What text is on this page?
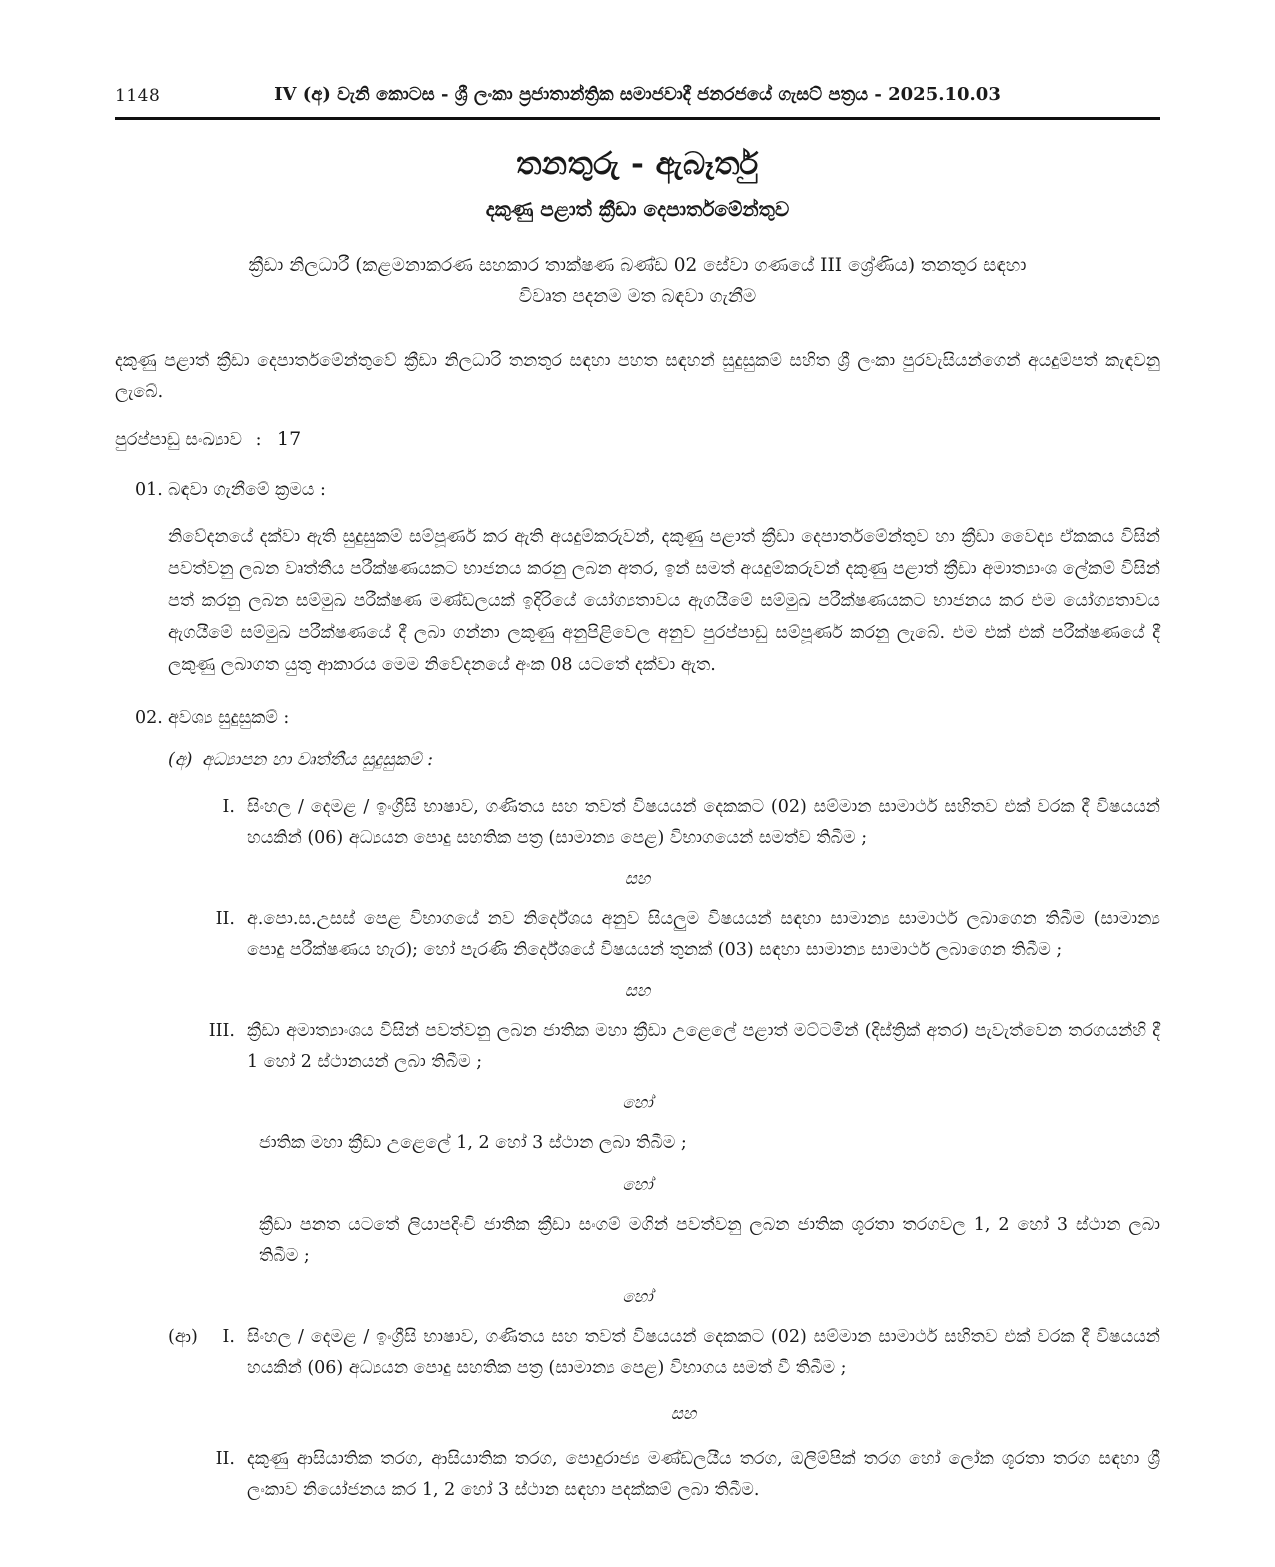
1148	IV (අ) වැනි කොටස - ශ්‍රී ලංකා ප්‍රජාතාන්ත්‍රික සමාජවාදී ජනරජයේ ගැසට් පත්‍රය - 2025.10.03
තනතුරු - ඇබෑර්තු
දකුණු පළාත් ක්‍රීඩා දෙපාර්තමේන්තුව
ක්‍රීඩා නිලධාරී (කළමනාකරණ සහකාර තාක්ෂණ බණ්ඩ 02 සේවා ගණයේ III ශ්‍රේණිය) තනතුර සඳහා
විවෘත පදනම මත බඳවා ගැනීම

දකුණු පළාත් ක්‍රීඩා දෙපාර්තමේන්තුවේ ක්‍රීඩා නිලධාරි තනතුර සඳහා පහත සඳහන් සුදුසුකම් සහිත ශ්‍රී ලංකා පුරවැසියන්ගෙන් අයදුම්පත් කැඳවනු ලැබේ.

පුරප්පාඩු සංඛ්‍යාව : 17
01. බඳවා ගැනීමේ ක්‍රමය :

නිවේදනයේ දක්වා ඇති සුදුසුකම් සම්පූර්ණ කර ඇති අයදුම්කරුවන්, දකුණු පළාත් ක්‍රීඩා දෙපාර්තමේන්තුව හා ක්‍රීඩා වෛද්‍ය ඒකකය විසින් පවත්වනු ලබන වෘත්තීය පරීක්ෂණයකට භාජනය කරනු ලබන අතර, ඉන් සමත් අයදුම්කරුවන් දකුණු පළාත් ක්‍රීඩා අමාත්‍යාංශ ලේකම් විසින් පත් කරනු ලබන සම්මුඛ පරීක්ෂණ මණ්ඩලයක් ඉදිරියේ යෝග්‍යතාවය ඇගයීමේ සම්මුඛ පරීක්ෂණයකට භාජනය කර එම යෝග්‍යතාවය ඇගයීමේ සම්මුඛ පරීක්ෂණයේ දී ලබා ගන්නා ලකුණු අනුපිළිවෙල අනුව පුරප්පාඩු සම්පූර්ණ කරනු ලැබේ. එම එක් එක් පරීක්ෂණයේ දී ලකුණු ලබාගත යුතු ආකාරය මෙම නිවේදනයේ අංක 08 යටතේ දක්වා ඇත.

02. අවශ්‍ය සුදුසුකම් :
(අ) අධ්‍යාපන හා වෘත්තීය සුදුසුකම් :
I. සිංහල / දෙමළ / ඉංග්‍රීසි භාෂාව, ගණිතය සහ තවත් විෂයයන් දෙකකට (02) සම්මාන සාමාර්ථ සහිතව එක් වරක දී විෂයයන් හයකින් (06) අධ්‍යයන පොදු සහතික පත්‍ර (සාමාන්‍ය පෙළ) විභාගයෙන් සමත්ව තිබීම ;
සහ
II. අ.පො.ස.උසස් පෙළ විභාගයේ නව නිර්දේශය අනුව සියලුම විෂයයන් සඳහා සාමාන්‍ය සාමාර්ථ ලබාගෙන තිබීම (සාමාන්‍ය පොදු පරීක්ෂණය හැර); හෝ පැරණි නිර්දේශයේ විෂයයන් තුනක් (03) සඳහා සාමාන්‍ය සාමාර්ථ ලබාගෙන තිබීම ;
සහ
III. ක්‍රීඩා අමාත්‍යාංශය විසින් පවත්වනු ලබන ජාතික මහා ක්‍රීඩා උළෙලේ පළාත් මට්ටමින් (දිස්ත්‍රික් අතර) පැවැත්වෙන තරගයන්හි දී 1 හෝ 2 ස්ථානයන් ලබා තිබීම ;
හෝ
ජාතික මහා ක්‍රීඩා උළෙලේ 1, 2 හෝ 3 ස්ථාන ලබා තිබීම ;
හෝ
ක්‍රීඩා පනත යටතේ ලියාපදිංචි ජාතික ක්‍රීඩා සංගම් මගින් පවත්වනු ලබන ජාතික ශූරතා තරගවල 1, 2 හෝ 3 ස්ථාන ලබා තිබීම ;
හෝ
(ආ)	I. සිංහල / දෙමළ / ඉංග්‍රීසි භාෂාව, ගණිතය සහ තවත් විෂයයන් දෙකකට (02) සම්මාන සාමාර්ථ සහිතව එක් වරක දී විෂයයන් හයකින් (06) අධ්‍යයන පොදු සහතික පත්‍ර (සාමාන්‍ය පෙළ) විභාගය සමත් වී තිබීම ;
සහ
II. දකුණු ආසියාතික තරග, ආසියාතික තරග, පොදුරාජ්‍ය මණ්ඩලයීය තරග, ඔලිම්පික් තරග හෝ ලෝක ශූරතා තරග සඳහා ශ්‍රී ලංකාව නියෝජනය කර 1, 2 හෝ 3 ස්ථාන සඳහා පදක්කම් ලබා තිබීම.
